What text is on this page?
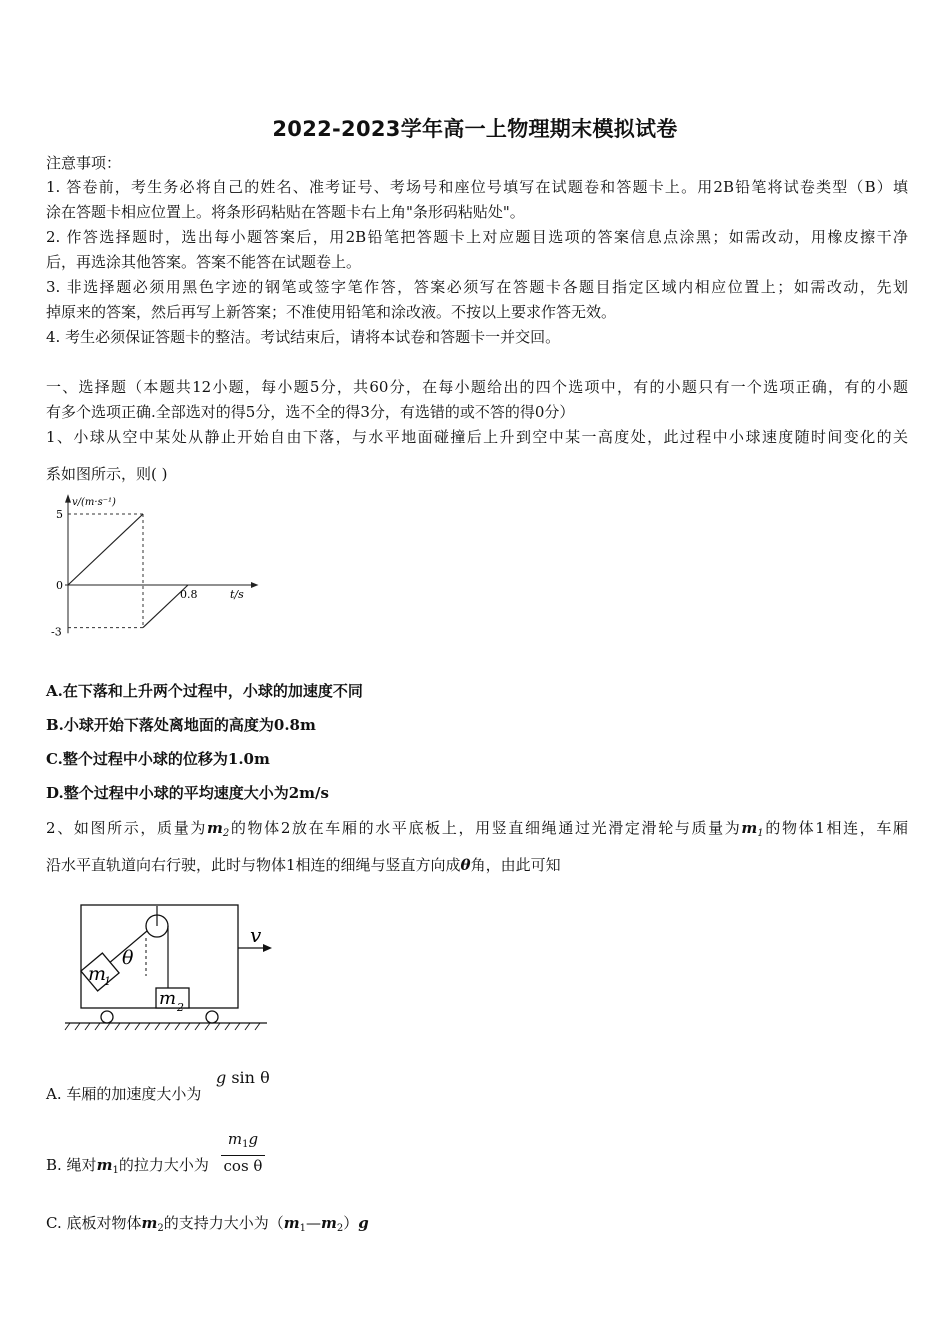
2022-2023学年高一上物理期末模拟试卷
注意事项：
1. 答卷前，考生务必将自己的姓名、准考证号、考场号和座位号填写在试题卷和答题卡上。用2B铅笔将试卷类型（B）填
涂在答题卡相应位置上。将条形码粘贴在答题卡右上角"条形码粘贴处"。
2. 作答选择题时，选出每小题答案后，用2B铅笔把答题卡上对应题目选项的答案信息点涂黑；如需改动，用橡皮擦干净
后，再选涂其他答案。答案不能答在试题卷上。
3. 非选择题必须用黑色字迹的钢笔或签字笔作答，答案必须写在答题卡各题目指定区域内相应位置上；如需改动，先划
掉原来的答案，然后再写上新答案；不准使用铅笔和涂改液。不按以上要求作答无效。
4. 考生必须保证答题卡的整洁。考试结束后，请将本试卷和答题卡一并交回。
一、选择题（本题共12小题，每小题5分，共60分，在每小题给出的四个选项中，有的小题只有一个选项正确，有的小题
有多个选项正确.全部选对的得5分，选不全的得3分，有选错的或不答的得0分）
1、小球从空中某处从静止开始自由下落，与水平地面碰撞后上升到空中某一高度处，此过程中小球速度随时间变化的关
系如图所示，则( )
v/(m·s⁻¹)
t/s
5
0
-3
0.8
A.在下落和上升两个过程中，小球的加速度不同
B.小球开始下落处离地面的高度为0.8m
C.整个过程中小球的位移为1.0m
D.整个过程中小球的平均速度大小为2m/s
2、如图所示，质量为$m_2$的物体2放在车厢的水平底板上，用竖直细绳通过光滑定滑轮与质量为$m_1$的物体1相连，车厢
沿水平直轨道向右行驶，此时与物体1相连的细绳与竖直方向成θ角，由此可知
m
1
θ
m 2
v
A. 车厢的加速度大小为
g sin θ
B. 绳对$m_1$的拉力大小为 $\frac{m_1g}{\text{cos θ}}$
C. 底板对物体$m_2$的支持力大小为$(m_1—m_2)g$
